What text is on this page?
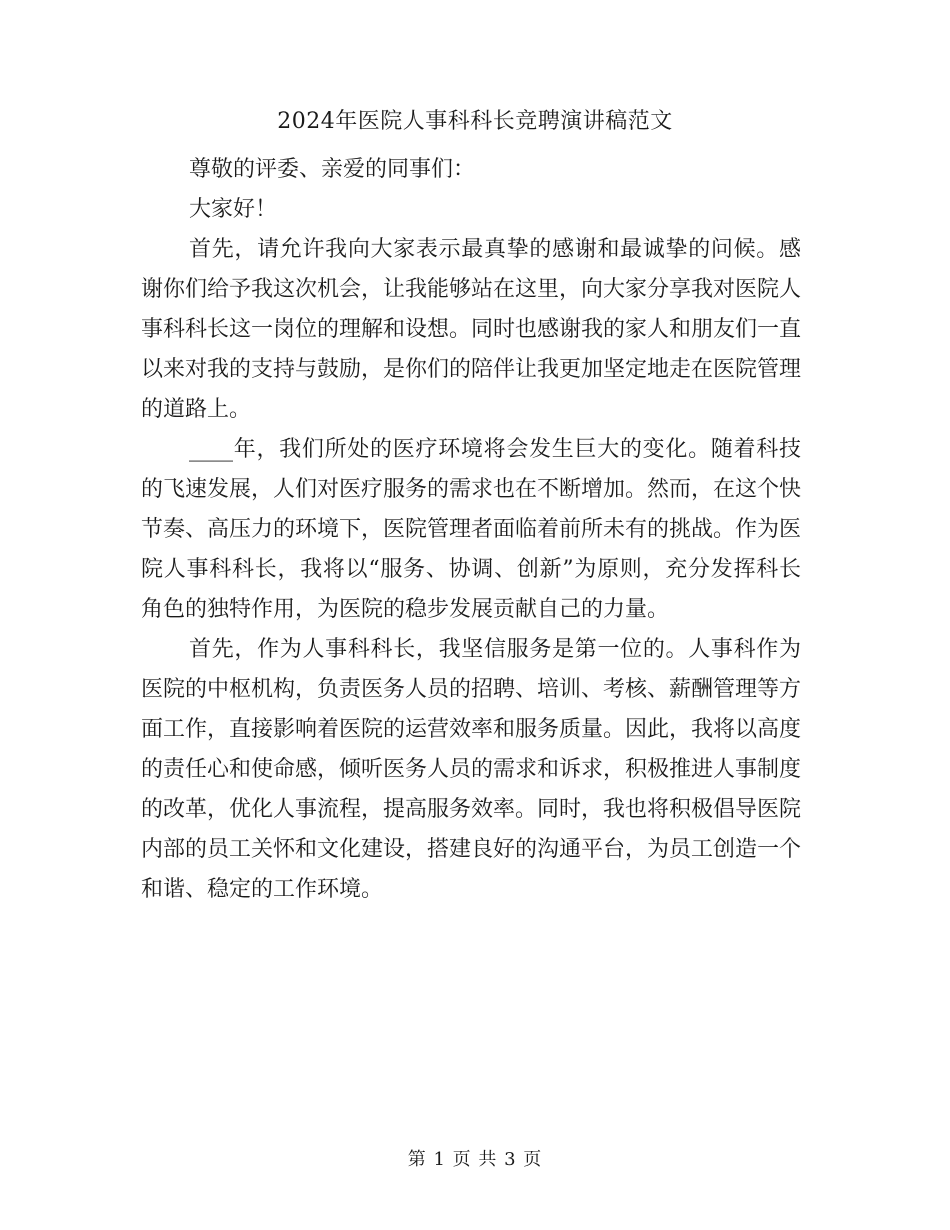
2024年医院人事科科长竞聘演讲稿范文

尊敬的评委、亲爱的同事们：

大家好！

首先，请允许我向大家表示最真挚的感谢和最诚挚的问候。感谢你们给予我这次机会，让我能够站在这里，向大家分享我对医院人事科科长这一岗位的理解和设想。同时也感谢我的家人和朋友们一直以来对我的支持与鼓励，是你们的陪伴让我更加坚定地走在医院管理的道路上。

____年，我们所处的医疗环境将会发生巨大的变化。随着科技的飞速发展，人们对医疗服务的需求也在不断增加。然而，在这个快节奏、高压力的环境下，医院管理者面临着前所未有的挑战。作为医院人事科科长，我将以“服务、协调、创新”为原则，充分发挥科长角色的独特作用，为医院的稳步发展贡献自己的力量。

首先，作为人事科科长，我坚信服务是第一位的。人事科作为医院的中枢机构，负责医务人员的招聘、培训、考核、薪酬管理等方面工作，直接影响着医院的运营效率和服务质量。因此，我将以高度的责任心和使命感，倾听医务人员的需求和诉求，积极推进人事制度的改革，优化人事流程，提高服务效率。同时，我也将积极倡导医院内部的员工关怀和文化建设，搭建良好的沟通平台，为员工创造一个和谐、稳定的工作环境。

第 1 页 共 3 页
